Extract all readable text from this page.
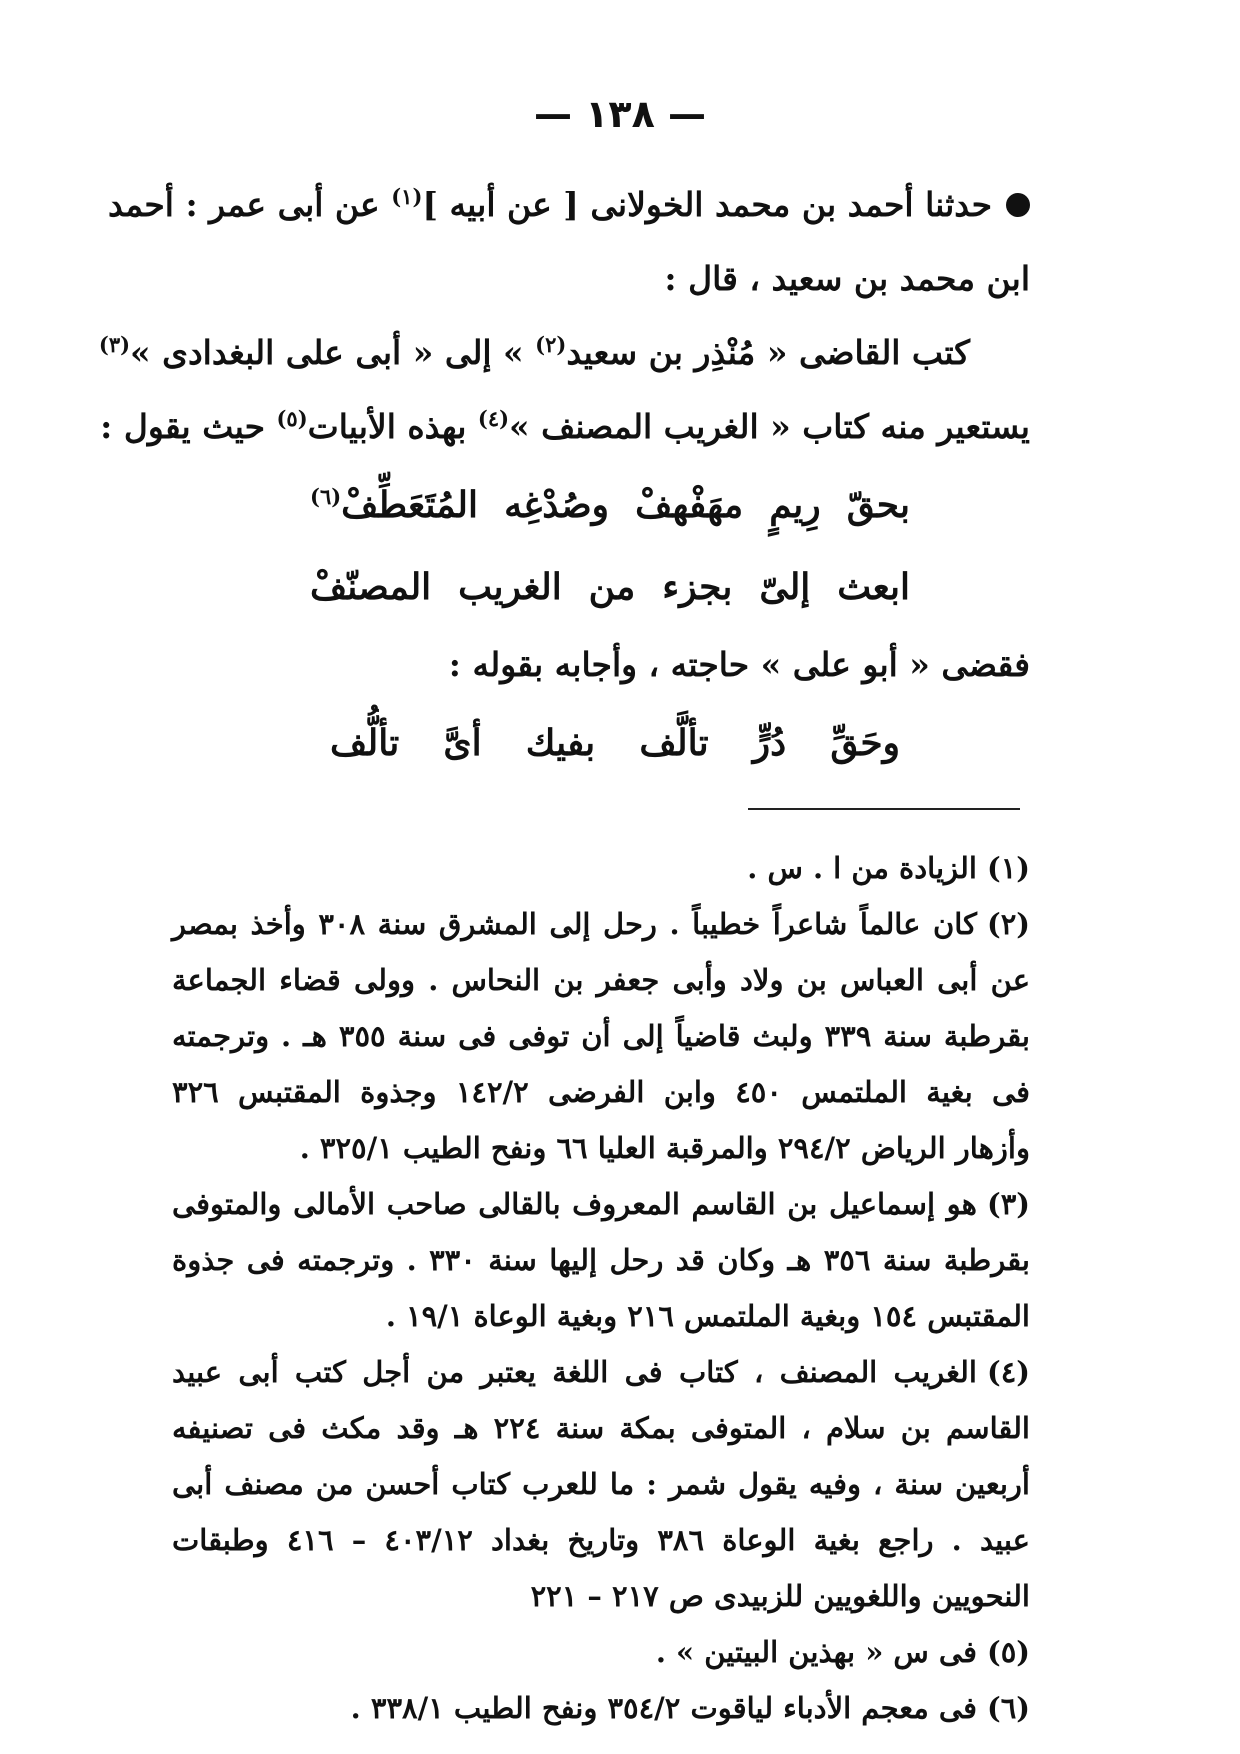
— ١٣٨ —
حدثنا أحمد بن محمد الخولانى [ عن أبيه ]$^{(١)}$ عن أبى عمر : أحمد
ابن محمد بن سعيد ، قال :
كتب القاضى « مُنْذِر بن سعيد$^{(٢)}$ » إلى « أبى على البغدادى »$^{(٣)}$
يستعير منه كتاب « الغريب المصنف »$^{(٤)}$ بهذه الأبيات$^{(٥)}$ حيث يقول :
بحقّ
رِيمٍ
مهَفْهفْ
وصُدْغِه
المُتَعَطِّفْ$^{(٦)}$
ابعث
إلىّ
بجزء
من
الغريب
المصنّفْ
فقضى « أبو على » حاجته ، وأجابه بقوله :
وحَقِّ
دُرٍّ
تألَّف
بفيك
أىَّ
تألُّف

(١)الزيادة من ا . س .

(٢)كان عالماً شاعراً خطيباً . رحل إلى المشرق سنة ٣٠٨ وأخذ بمصر عن أبى العباس بن ولاد وأبى جعفر بن النحاس . وولى قضاء الجماعة بقرطبة سنة ٣٣٩ ولبث قاضياً إلى أن توفى فى سنة ٣٥٥ هـ . وترجمته فى بغية الملتمس ٤٥٠ وابن الفرضى ١٤٢/٢ وجذوة المقتبس ٣٢٦ وأزهار الرياض ٢٩٤/٢ والمرقبة العليا ٦٦ ونفح الطيب ٣٢٥/١ .

(٣)هو إسماعيل بن القاسم المعروف بالقالى صاحب الأمالى والمتوفى بقرطبة سنة ٣٥٦ هـ وكان قد رحل إليها سنة ٣٣٠ . وترجمته فى جذوة المقتبس ١٥٤ وبغية الملتمس ٢١٦ وبغية الوعاة ١٩/١ .

(٤)الغريب المصنف ، كتاب فى اللغة يعتبر من أجل كتب أبى عبيد القاسم بن سلام ، المتوفى بمكة سنة ٢٢٤ هـ وقد مكث فى تصنيفه أربعين سنة ، وفيه يقول شمر : ما للعرب كتاب أحسن من مصنف أبى عبيد . راجع بغية الوعاة ٣٨٦ وتاريخ بغداد ٤٠٣/١٢ – ٤١٦ وطبقات النحويين واللغويين للزبيدى ص ٢١٧ – ٢٢١

(٥)فى س « بهذين البيتين » .

(٦)فى معجم الأدباء لياقوت ٣٥٤/٢ ونفح الطيب ٣٣٨/١ .
